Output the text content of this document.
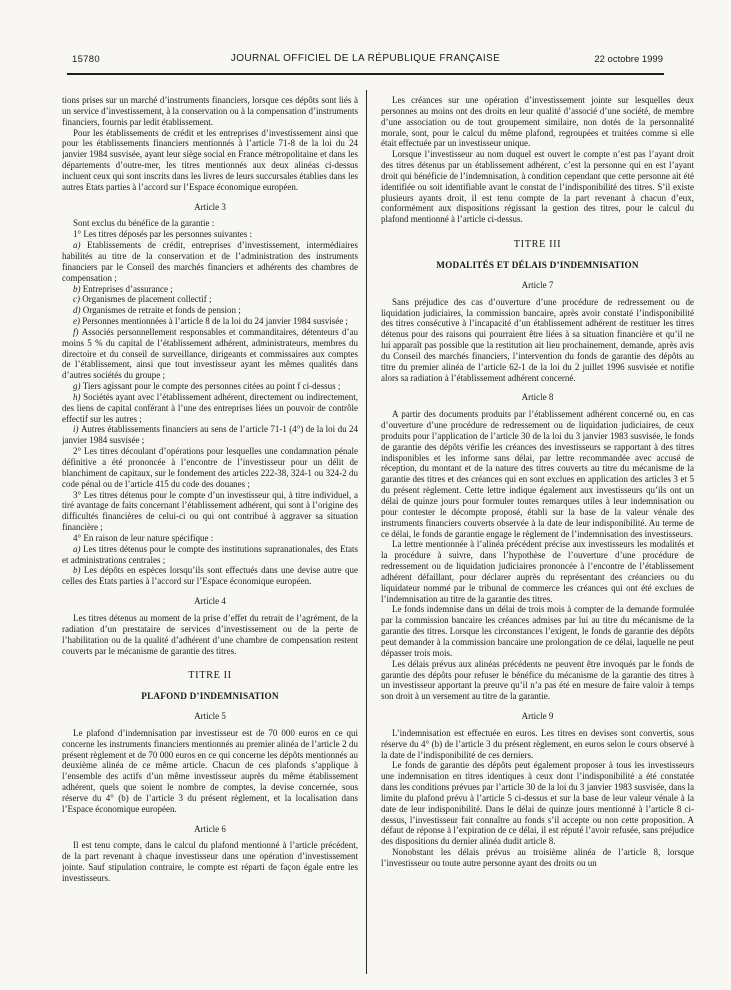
15780	JOURNAL OFFICIEL DE LA RÉPUBLIQUE FRANÇAISE	22 octobre 1999

tions prises sur un marché d’instruments financiers, lorsque ces dépôts sont liés à un service d’investissement, à la conservation ou à la compensation d’instruments financiers, fournis par ledit établissement.

Pour les établissements de crédit et les entreprises d’investissement ainsi que pour les établissements financiers mentionnés à l’article 71-8 de la loi du 24 janvier 1984 susvisée, ayant leur siège social en France métropolitaine et dans les départements d’outre-mer, les titres mentionnés aux deux alinéas ci-dessus incluent ceux qui sont inscrits dans les livres de leurs succursales établies dans les autres Etats parties à l’accord sur l’Espace économique européen.

Article 3

Sont exclus du bénéfice de la garantie :

1° Les titres déposés par les personnes suivantes :

a) Etablissements de crédit, entreprises d’investissement, intermédiaires habilités au titre de la conservation et de l’administration des instruments financiers par le Conseil des marchés financiers et adhérents des chambres de compensation ;

b) Entreprises d’assurance ;

c) Organismes de placement collectif ;

d) Organismes de retraite et fonds de pension ;

e) Personnes mentionnées à l’article 8 de la loi du 24 janvier 1984 susvisée ;

f) Associés personnellement responsables et commanditaires, détenteurs d’au moins 5 % du capital de l’établissement adhérent, administrateurs, membres du directoire et du conseil de surveillance, dirigeants et commissaires aux comptes de l’établissement, ainsi que tout investisseur ayant les mêmes qualités dans d’autres sociétés du groupe ;

g) Tiers agissant pour le compte des personnes citées au point f ci-dessus ;

h) Sociétés ayant avec l’établissement adhérent, directement ou indirectement, des liens de capital conférant à l’une des entreprises liées un pouvoir de contrôle effectif sur les autres ;

i) Autres établissements financiers au sens de l’article 71-1 (4°) de la loi du 24 janvier 1984 susvisée ;

2° Les titres découlant d’opérations pour lesquelles une condamnation pénale définitive a été prononcée à l’encontre de l’investisseur pour un délit de blanchiment de capitaux, sur le fondement des articles 222-38, 324-1 ou 324-2 du code pénal ou de l’article 415 du code des douanes ;

3° Les titres détenus pour le compte d’un investisseur qui, à titre individuel, a tiré avantage de faits concernant l’établissement adhérent, qui sont à l’origine des difficultés financières de celui-ci ou qui ont contribué à aggraver sa situation financière ;

4° En raison de leur nature spécifique :

a) Les titres détenus pour le compte des institutions supranationales, des Etats et administrations centrales ;

b) Les dépôts en espèces lorsqu’ils sont effectués dans une devise autre que celles des Etats parties à l’accord sur l’Espace économique européen.

Article 4

Les titres détenus au moment de la prise d’effet du retrait de l’agrément, de la radiation d’un prestataire de services d’investissement ou de la perte de l’habilitation ou de la qualité d’adhérent d’une chambre de compensation restent couverts par le mécanisme de garantie des titres.

TITRE II

PLAFOND D’INDEMNISATION

Article 5

Le plafond d’indemnisation par investisseur est de 70 000 euros en ce qui concerne les instruments financiers mentionnés au premier alinéa de l’article 2 du présent règlement et de 70 000 euros en ce qui concerne les dépôts mentionnés au deuxième alinéa de ce même article. Chacun de ces plafonds s’applique à l’ensemble des actifs d’un même investisseur auprès du même établissement adhérent, quels que soient le nombre de comptes, la devise concernée, sous réserve du 4° (b) de l’article 3 du présent règlement, et la localisation dans l’Espace économique européen.

Article 6

Il est tenu compte, dans le calcul du plafond mentionné à l’article précédent, de la part revenant à chaque investisseur dans une opération d’investissement jointe. Sauf stipulation contraire, le compte est réparti de façon égale entre les investisseurs.

Les créances sur une opération d’investissement jointe sur lesquelles deux personnes au moins ont des droits en leur qualité d’associé d’une société, de membre d’une association ou de tout groupement similaire, non dotés de la personnalité morale, sont, pour le calcul du même plafond, regroupées et traitées comme si elle était effectuée par un investisseur unique.

Lorsque l’investisseur au nom duquel est ouvert le compte n’est pas l’ayant droit des titres détenus par un établissement adhérent, c’est la personne qui en est l’ayant droit qui bénéficie de l’indemnisation, à condition cependant que cette personne ait été identifiée ou soit identifiable avant le constat de l’indisponibilité des titres. S’il existe plusieurs ayants droit, il est tenu compte de la part revenant à chacun d’eux, conformément aux dispositions régissant la gestion des titres, pour le calcul du plafond mentionné à l’article ci-dessus.

TITRE III

MODALITÉS ET DÉLAIS D’INDEMNISATION

Article 7

Sans préjudice des cas d’ouverture d’une procédure de redressement ou de liquidation judiciaires, la commission bancaire, après avoir constaté l’indisponibilité des titres consécutive à l’incapacité d’un établissement adhérent de restituer les titres détenus pour des raisons qui pourraient être liées à sa situation financière et qu’il ne lui apparaît pas possible que la restitution ait lieu prochainement, demande, après avis du Conseil des marchés financiers, l’intervention du fonds de garantie des dépôts au titre du premier alinéa de l’article 62-1 de la loi du 2 juillet 1996 susvisée et notifie alors sa radiation à l’établissement adhérent concerné.

Article 8

A partir des documents produits par l’établissement adhérent concerné ou, en cas d’ouverture d’une procédure de redressement ou de liquidation judiciaires, de ceux produits pour l’application de l’article 30 de la loi du 3 janvier 1983 susvisée, le fonds de garantie des dépôts vérifie les créances des investisseurs se rapportant à des titres indisponibles et les informe sans délai, par lettre recommandée avec accusé de réception, du montant et de la nature des titres couverts au titre du mécanisme de la garantie des titres et des créances qui en sont exclues en application des articles 3 et 5 du présent règlement. Cette lettre indique également aux investisseurs qu’ils ont un délai de quinze jours pour formuler toutes remarques utiles à leur indemnisation ou pour contester le décompte proposé, établi sur la base de la valeur vénale des instruments financiers couverts observée à la date de leur indisponibilité. Au terme de ce délai, le fonds de garantie engage le règlement de l’indemnisation des investisseurs.

La lettre mentionnée à l’alinéa précédent précise aux investisseurs les modalités et la procédure à suivre, dans l’hypothèse de l’ouverture d’une procédure de redressement ou de liquidation judiciaires prononcée à l’encontre de l’établissement adhérent défaillant, pour déclarer auprès du représentant des créanciers ou du liquidateur nommé par le tribunal de commerce les créances qui ont été exclues de l’indemnisation au titre de la garantie des titres.

Le fonds indemnise dans un délai de trois mois à compter de la demande formulée par la commission bancaire les créances admises par lui au titre du mécanisme de la garantie des titres. Lorsque les circonstances l’exigent, le fonds de garantie des dépôts peut demander à la commission bancaire une prolongation de ce délai, laquelle ne peut dépasser trois mois.

Les délais prévus aux alinéas précédents ne peuvent être invoqués par le fonds de garantie des dépôts pour refuser le bénéfice du mécanisme de la garantie des titres à un investisseur apportant la preuve qu’il n’a pas été en mesure de faire valoir à temps son droit à un versement au titre de la garantie.

Article 9

L’indemnisation est effectuée en euros. Les titres en devises sont convertis, sous réserve du 4° (b) de l’article 3 du présent règlement, en euros selon le cours observé à la date de l’indisponibilité de ces derniers.

Le fonds de garantie des dépôts peut également proposer à tous les investisseurs une indemnisation en titres identiques à ceux dont l’indisponibilité a été constatée dans les conditions prévues par l’article 30 de la loi du 3 janvier 1983 susvisée, dans la limite du plafond prévu à l’article 5 ci-dessus et sur la base de leur valeur vénale à la date de leur indisponibilité. Dans le délai de quinze jours mentionné à l’article 8 ci-dessus, l’investisseur fait connaître au fonds s’il accepte ou non cette proposition. A défaut de réponse à l’expiration de ce délai, il est réputé l’avoir refusée, sans préjudice des dispositions du dernier alinéa dudit article 8.

Nonobstant les délais prévus au troisième alinéa de l’article 8, lorsque l’investisseur ou toute autre personne ayant des droits ou un
